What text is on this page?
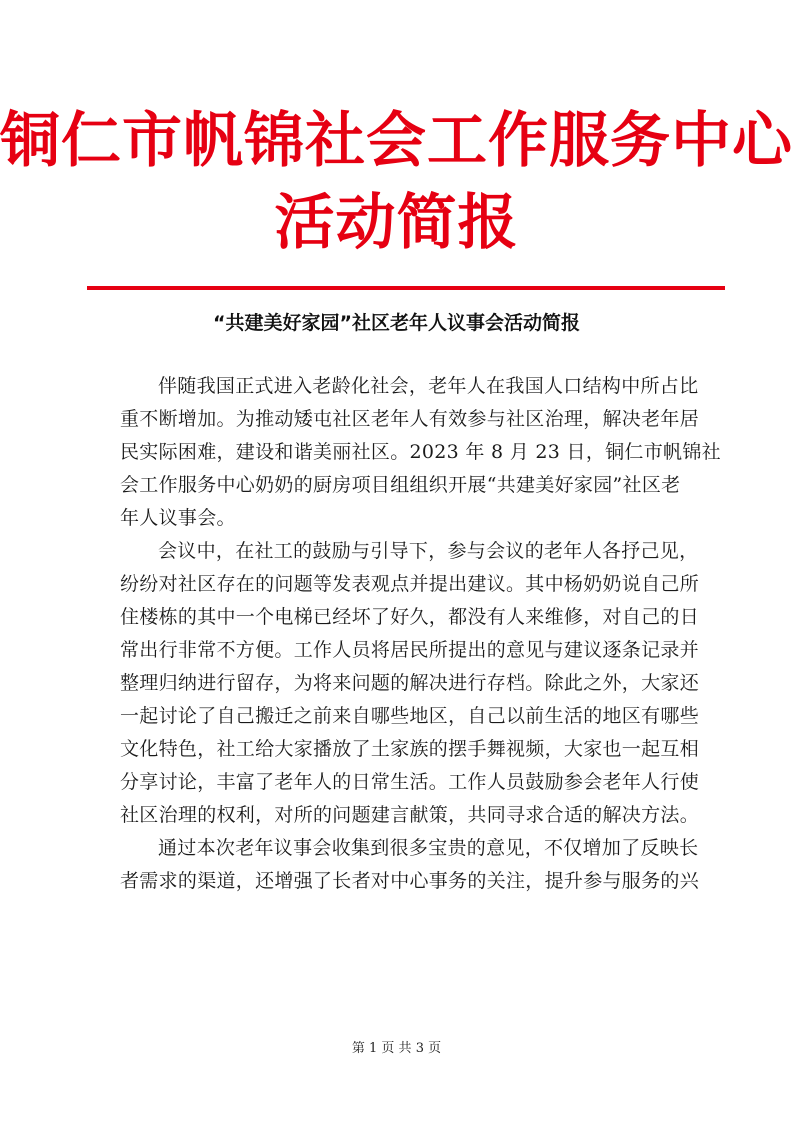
铜仁市帆锦社会工作服务中心
活动简报
“共建美好家园”社区老年人议事会活动简报
伴随我国正式进入老龄化社会，老年人在我国人口结构中所占比
重不断增加。为推动矮屯社区老年人有效参与社区治理，解决老年居
民实际困难，建设和谐美丽社区。2023 年 8 月 23 日，铜仁市帆锦社
会工作服务中心奶奶的厨房项目组组织开展“共建美好家园”社区老
年人议事会。
会议中，在社工的鼓励与引导下，参与会议的老年人各抒己见，
纷纷对社区存在的问题等发表观点并提出建议。其中杨奶奶说自己所
住楼栋的其中一个电梯已经坏了好久，都没有人来维修，对自己的日
常出行非常不方便。工作人员将居民所提出的意见与建议逐条记录并
整理归纳进行留存，为将来问题的解决进行存档。除此之外，大家还
一起讨论了自己搬迁之前来自哪些地区，自己以前生活的地区有哪些
文化特色，社工给大家播放了土家族的摆手舞视频，大家也一起互相
分享讨论，丰富了老年人的日常生活。工作人员鼓励参会老年人行使
社区治理的权利，对所的问题建言献策，共同寻求合适的解决方法。
通过本次老年议事会收集到很多宝贵的意见，不仅增加了反映长
者需求的渠道，还增强了长者对中心事务的关注，提升参与服务的兴
第 1 页 共 3 页
